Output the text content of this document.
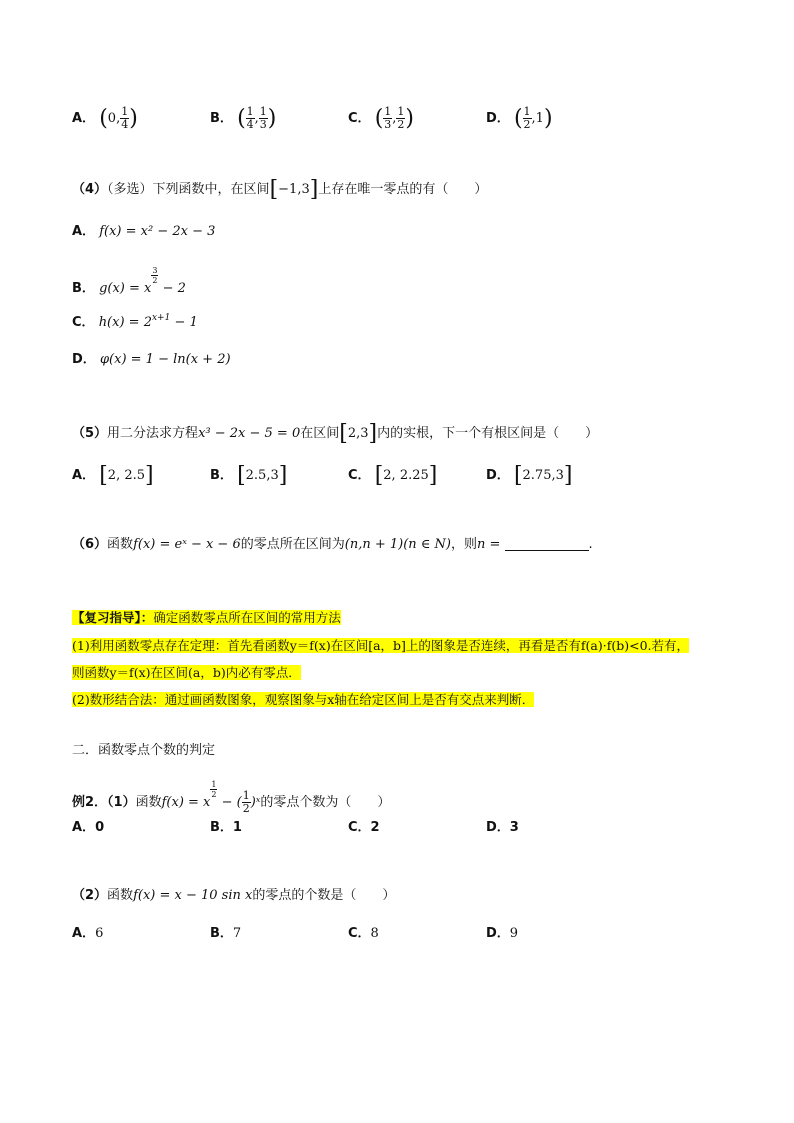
A． (0, $\frac{1}{4}$ )	B． ( $\frac{1}{4}$ , $\frac{1}{3}$ )	C． ( $\frac{1}{3}$ , $\frac{1}{2}$ )	D． ( $\frac{1}{2} ,1$)
（4）（多选）下列函数中，在区间[−1,3]上存在唯一零点的有（　　）
A． f(x) = x² − 2x − 3
B． g(x) = x
$\frac{3}{2}$
− 2
C． $h(x) = 2^{x+1} - 1$
D． φ(x) = 1 − ln(x + 2)
（5）用二分法求方程x³ − 2x − 5 = 0在区间[2,3]内的实根，下一个有根区间是（　　）
A． [2, 2.5]	B． [2.5,3]	C． [2, 2.25]	D． [2.75,3]
（6）函数f(x) = eˣ − x − 6的零点所在区间为(n,n + 1)(n ∈ N)，则n =	.
【复习指导】：确定函数零点所在区间的常用方法
(1)利用函数零点存在定理：首先看函数y＝f(x)在区间[a，b]上的图象是否连续，再看是否有f(a)·f(b)<0.若有，
则函数y＝f(x)在区间(a，b)内必有零点．
(2)数形结合法：通过画函数图象，观察图象与x轴在给定区间上是否有交点来判断．
二．函数零点个数的判定
例2．（1）函数f(x) = x
$\frac{1}{2}$
− ( $\frac{1}{2}$ )ˣ的零点个数为（　　）
A．0	B．1	C．2	D．3
（2）函数f(x) = x − 10 sin x的零点的个数是（　　）
A．6	B．7	C．8	D．9
